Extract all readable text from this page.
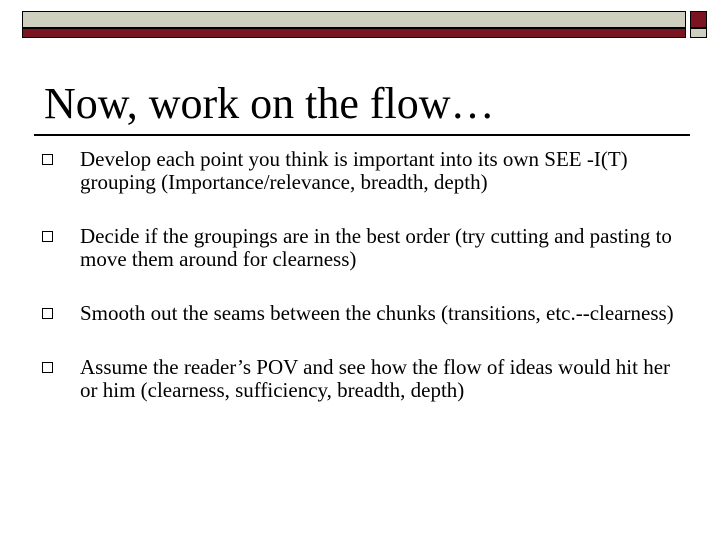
Now, work on the flow…
Develop each point you think is important into its own SEE -I(T) grouping (Importance/relevance, breadth, depth)
Decide if the groupings are in the best order (try cutting and pasting to move them around for clearness)
Smooth out the seams between the chunks (transitions, etc.--clearness)
Assume the reader’s POV and see how the flow of ideas would hit her or him (clearness, sufficiency, breadth, depth)
